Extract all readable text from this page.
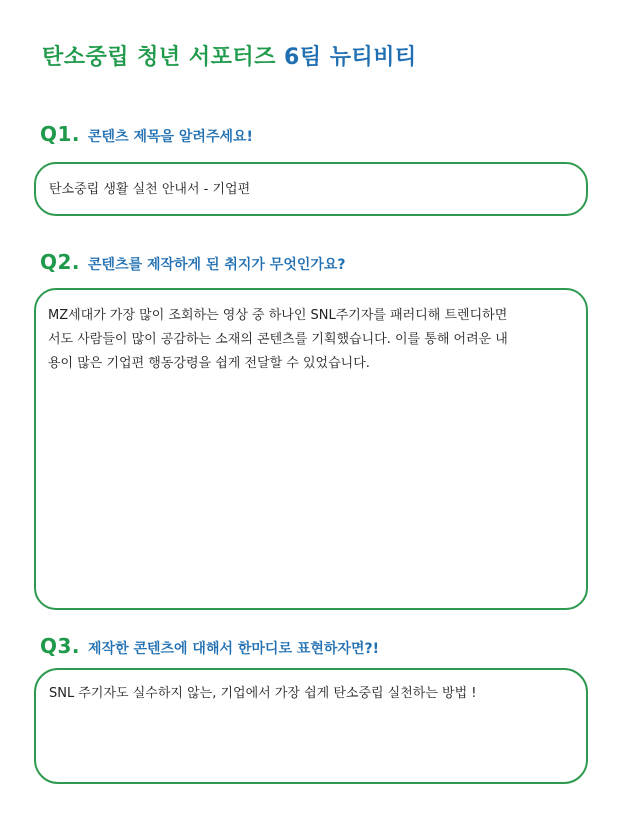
탄소중립 청년 서포터즈 6팀 뉴티비티
Q1. 콘텐츠 제목을 알려주세요!

탄소중립 생활 실천 안내서 - 기업편

Q2. 콘텐츠를 제작하게 된 취지가 무엇인가요?
MZ세대가 가장 많이 조회하는 영상 중 하나인 SNL주기자를 패러디해 트렌디하면
서도 사람들이 많이 공감하는 소재의 콘텐츠를 기획했습니다. 이를 통해 어려운 내
용이 많은 기업편 행동강령을 쉽게 전달할 수 있었습니다.
Q3. 제작한 콘텐츠에 대해서 한마디로 표현하자면?!

SNL 주기자도 실수하지 않는, 기업에서 가장 쉽게 탄소중립 실천하는 방법 !
